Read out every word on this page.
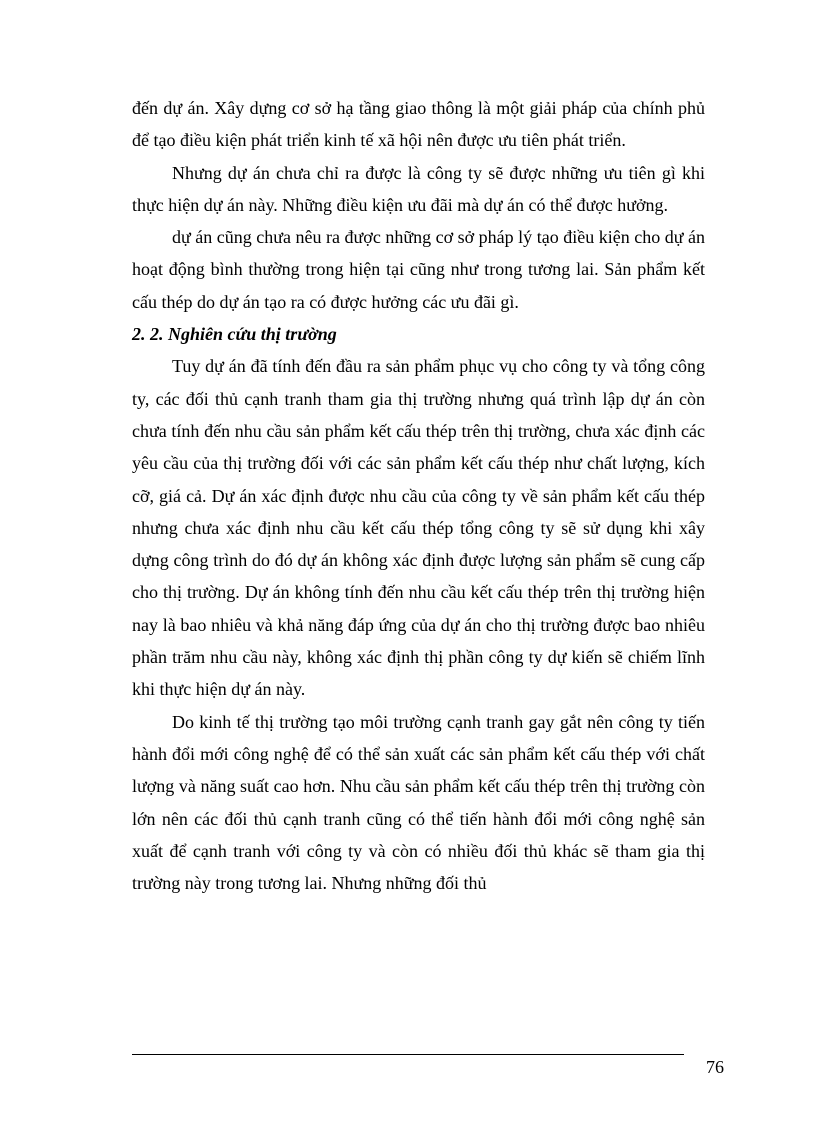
đến dự án. Xây dựng cơ sở hạ tầng giao thông là một giải pháp của chính phủ để tạo điều kiện phát triển kinh tế xã hội nên được ưu tiên phát triển.

Nhưng dự án chưa chỉ ra được là công ty sẽ được những ưu tiên gì khi thực hiện dự án này. Những điều kiện ưu đãi mà dự án có thể được hưởng.

dự án cũng chưa nêu ra được những cơ sở pháp lý tạo điều kiện cho dự án hoạt động bình thường trong hiện tại cũng như trong tương lai. Sản phẩm kết cấu thép do dự án tạo ra có được hưởng các ưu đãi gì.

2. 2. Nghiên cứu thị trường

Tuy dự án đã tính đến đầu ra sản phẩm phục vụ cho công ty và tổng công ty, các đối thủ cạnh tranh tham gia thị trường nhưng quá trình lập dự án còn chưa tính đến nhu cầu sản phẩm kết cấu thép trên thị trường, chưa xác định các yêu cầu của thị trường đối với các sản phẩm kết cấu thép như chất lượng, kích cỡ, giá cả. Dự án xác định được nhu cầu của công ty về sản phẩm kết cấu thép nhưng chưa xác định nhu cầu kết cấu thép tổng công ty sẽ sử dụng khi xây dựng công trình do đó dự án không xác định được lượng sản phẩm sẽ cung cấp cho thị trường. Dự án không tính đến nhu cầu kết cấu thép trên thị trường hiện nay là bao nhiêu và khả năng đáp ứng của dự án cho thị trường được bao nhiêu phần trăm nhu cầu này, không xác định thị phần công ty dự kiến sẽ chiếm lĩnh khi thực hiện dự án này.

Do kinh tế thị trường tạo môi trường cạnh tranh gay gắt nên công ty tiến hành đổi mới công nghệ để có thể sản xuất các sản phẩm kết cấu thép với chất lượng và năng suất cao hơn. Nhu cầu sản phẩm kết cấu thép trên thị trường còn lớn nên các đối thủ cạnh tranh cũng có thể tiến hành đổi mới công nghệ sản xuất để cạnh tranh với công ty và còn có nhiều đối thủ khác sẽ tham gia thị trường này trong tương lai. Nhưng những đối thủ

76
